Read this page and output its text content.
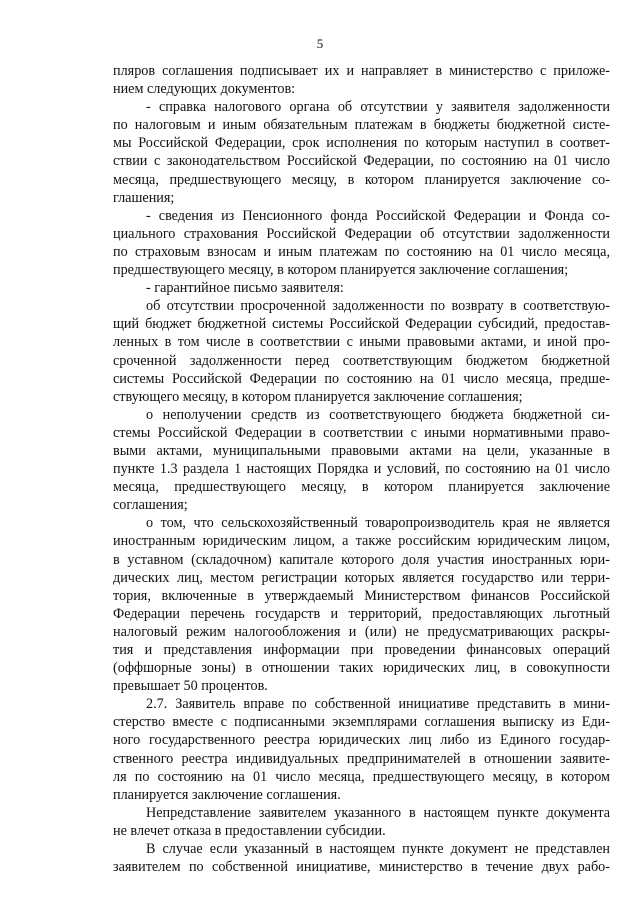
5
пляров соглашения подписывает их и направляет в министерство с приложе-
нием следующих документов:
- справка налогового органа об отсутствии у заявителя задолженности
по налоговым и иным обязательным платежам в бюджеты бюджетной систе-
мы Российской Федерации, срок исполнения по которым наступил в соответ-
ствии с законодательством Российской Федерации, по состоянию на 01 число
месяца, предшествующего месяцу, в котором планируется заключение со-
глашения;
- сведения из Пенсионного фонда Российской Федерации и Фонда со-
циального страхования Российской Федерации об отсутствии задолженности
по страховым взносам и иным платежам по состоянию на 01 число месяца,
предшествующего месяцу, в котором планируется заключение соглашения;
- гарантийное письмо заявителя:
об отсутствии просроченной задолженности по возврату в соответствую-
щий бюджет бюджетной системы Российской Федерации субсидий, предостав-
ленных в том числе в соответствии с иными правовыми актами, и иной про-
сроченной задолженности перед соответствующим бюджетом бюджетной
системы Российской Федерации по состоянию на 01 число месяца, предше-
ствующего месяцу, в котором планируется заключение соглашения;
о неполучении средств из соответствующего бюджета бюджетной си-
стемы Российской Федерации в соответствии с иными нормативными право-
выми актами, муниципальными правовыми актами на цели, указанные в
пункте 1.3 раздела 1 настоящих Порядка и условий, по состоянию на 01 число
месяца, предшествующего месяцу, в котором планируется заключение
соглашения;
о том, что сельскохозяйственный товаропроизводитель края не является
иностранным юридическим лицом, а также российским юридическим лицом,
в уставном (складочном) капитале которого доля участия иностранных юри-
дических лиц, местом регистрации которых является государство или терри-
тория, включенные в утверждаемый Министерством финансов Российской
Федерации перечень государств и территорий, предоставляющих льготный
налоговый режим налогообложения и (или) не предусматривающих раскры-
тия и представления информации при проведении финансовых операций
(оффшорные зоны) в отношении таких юридических лиц, в совокупности
превышает 50 процентов.
2.7. Заявитель вправе по собственной инициативе представить в мини-
стерство вместе с подписанными экземплярами соглашения выписку из Еди-
ного государственного реестра юридических лиц либо из Единого государ-
ственного реестра индивидуальных предпринимателей в отношении заявите-
ля по состоянию на 01 число месяца, предшествующего месяцу, в котором
планируется заключение соглашения.
Непредставление заявителем указанного в настоящем пункте документа
не влечет отказа в предоставлении субсидии.
В случае если указанный в настоящем пункте документ не представлен
заявителем по собственной инициативе, министерство в течение двух рабо-
